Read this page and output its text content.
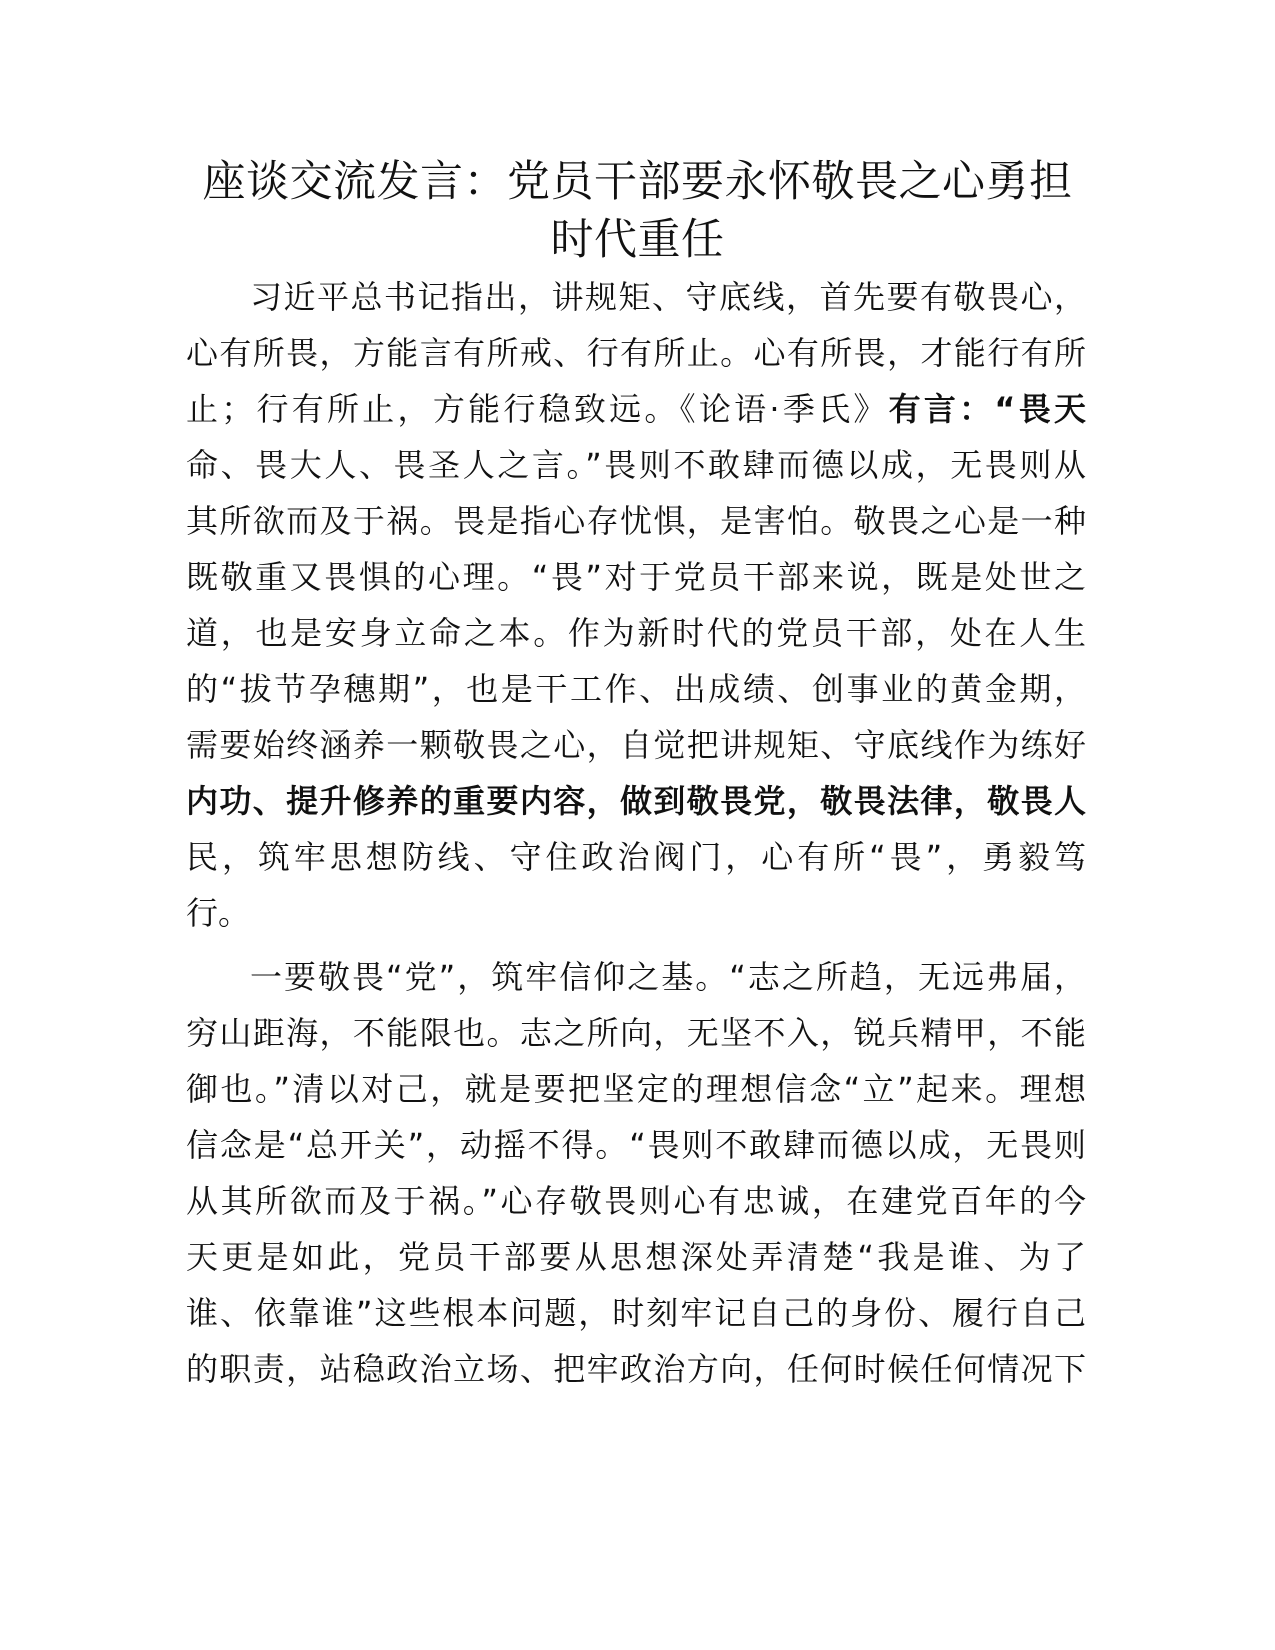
座谈交流发言：党员干部要永怀敬畏之心勇担
时代重任
习近平总书记指出，讲规矩、守底线，首先要有敬畏心，
心有所畏，方能言有所戒、行有所止。心有所畏，才能行有所
止；行有所止，方能行稳致远。《论语·季氏》有言：“畏天
命、畏大人、畏圣人之言。”畏则不敢肆而德以成，无畏则从
其所欲而及于祸。畏是指心存忧惧，是害怕。敬畏之心是一种
既敬重又畏惧的心理。“畏”对于党员干部来说，既是处世之
道，也是安身立命之本。作为新时代的党员干部，处在人生
的“拔节孕穗期”，也是干工作、出成绩、创事业的黄金期，
需要始终涵养一颗敬畏之心，自觉把讲规矩、守底线作为练好
内功、提升修养的重要内容，做到敬畏党，敬畏法律，敬畏人
民，筑牢思想防线、守住政治阀门，心有所“畏”，勇毅笃
行。
一要敬畏“党”，筑牢信仰之基。“志之所趋，无远弗届，
穷山距海，不能限也。志之所向，无坚不入，锐兵精甲，不能
御也。”清以对己，就是要把坚定的理想信念“立”起来。理想
信念是“总开关”，动摇不得。“畏则不敢肆而德以成，无畏则
从其所欲而及于祸。”心存敬畏则心有忠诚，在建党百年的今
天更是如此，党员干部要从思想深处弄清楚“我是谁、为了
谁、依靠谁”这些根本问题，时刻牢记自己的身份、履行自己
的职责，站稳政治立场、把牢政治方向，任何时候任何情况下
